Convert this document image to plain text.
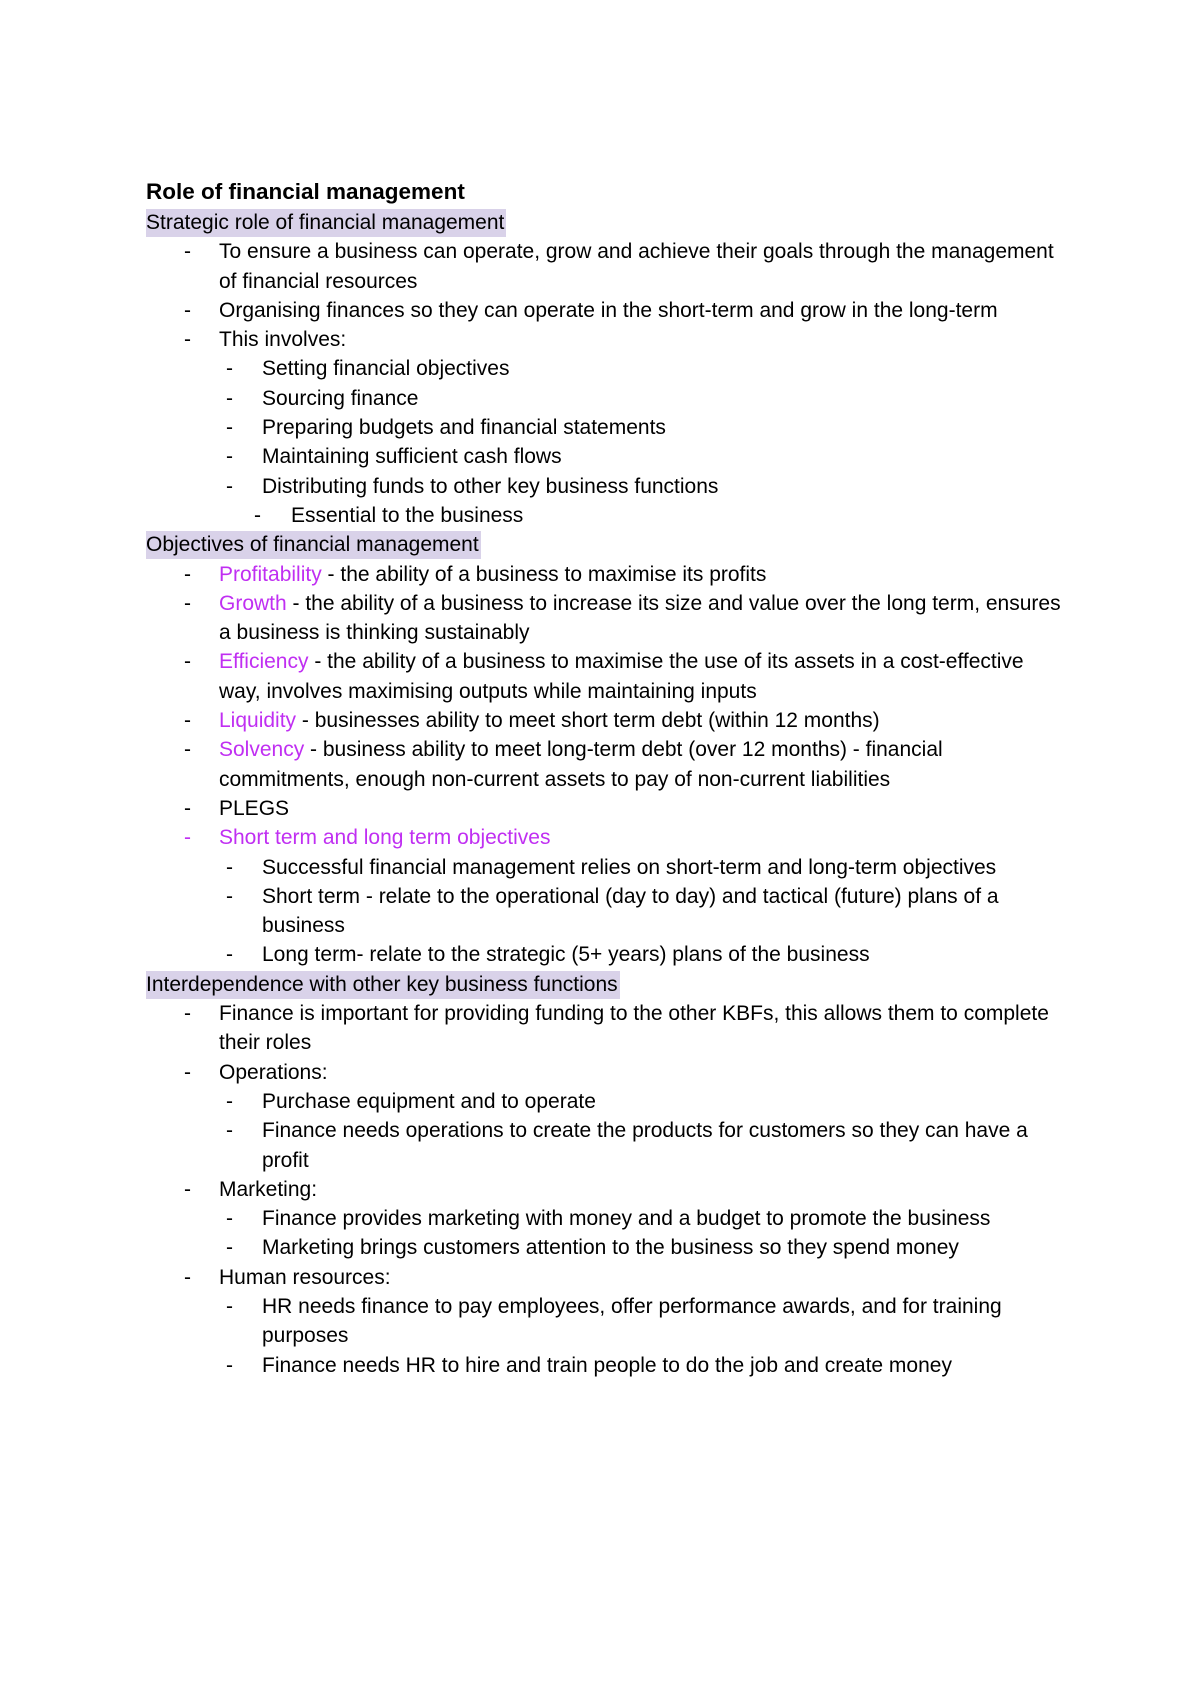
Role of financial management
Strategic role of financial management
- To ensure a business can operate, grow and achieve their goals through the management of financial resources
- Organising finances so they can operate in the short-term and grow in the long-term
- This involves:
- Setting financial objectives
- Sourcing finance
- Preparing budgets and financial statements
- Maintaining sufficient cash flows
- Distributing funds to other key business functions
- Essential to the business
Objectives of financial management
- Profitability - the ability of a business to maximise its profits
- Growth - the ability of a business to increase its size and value over the long term, ensures a business is thinking sustainably
- Efficiency - the ability of a business to maximise the use of its assets in a cost-effective way, involves maximising outputs while maintaining inputs
- Liquidity - businesses ability to meet short term debt (within 12 months)
- Solvency - business ability to meet long-term debt (over 12 months) - financial commitments, enough non-current assets to pay of non-current liabilities
- PLEGS
- Short term and long term objectives
- Successful financial management relies on short-term and long-term objectives
- Short term - relate to the operational (day to day) and tactical (future) plans of a business
- Long term- relate to the strategic (5+ years) plans of the business
Interdependence with other key business functions
- Finance is important for providing funding to the other KBFs, this allows them to complete their roles
- Operations:
- Purchase equipment and to operate
- Finance needs operations to create the products for customers so they can have a profit
- Marketing:
- Finance provides marketing with money and a budget to promote the business
- Marketing brings customers attention to the business so they spend money
- Human resources:
- HR needs finance to pay employees, offer performance awards, and for training purposes
- Finance needs HR to hire and train people to do the job and create money
